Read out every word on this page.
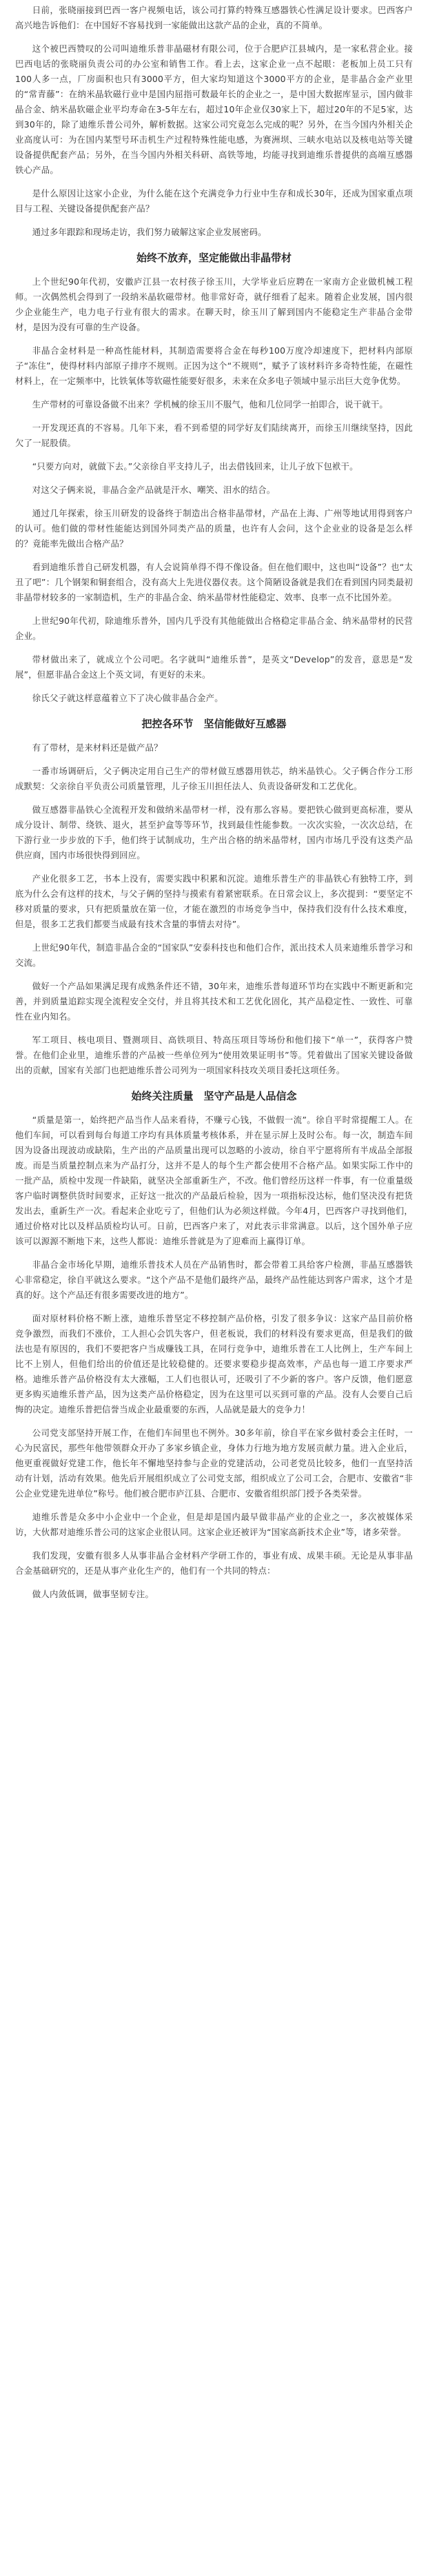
日前，张晓丽接到巴西一客户视频电话，该公司打算约特殊互感器铁心性满足设计要求。巴西客户高兴地告诉他们：在中国好不容易找到一家能做出这款产品的企业，真的不简单。

这个被巴西赞叹的公司叫迪维乐普非晶磁材有限公司，位于合肥庐江县城内，是一家私营企业。接巴西电话的张晓丽负责公司的办公室和销售工作。看上去，这家企业一点不起眼：老板加上员工只有100人多一点，厂房面积也只有3000平方，但大家均知道这个3000平方的企业，是非晶合金产业里的“常青藤”：在纳米晶软磁行业中是国内屈指可数最年长的企业之一，是中国大数据库显示，国内做非晶合金、纳米晶软磁企业平均寿命在3-5年左右，超过10年企业仅30家上下，超过20年的不足5家，达到30年的，除了迪维乐普公司外，解析数据。这家公司究竟怎么完成的呢？另外，在当今国内外相关企业高度认可：为在国内某型号环击机生产过程特殊性能电感，为赛洲坝、三峡水电站以及核电站等关键设备提供配套产品；另外，在当今国内外相关科研、高铁等地，均能寻找到迪维乐普提供的高端互感器铁心产品。

是什么原因让这家小企业，为什么能在这个充满竞争力行业中生存和成长30年，还成为国家重点项目与工程、关键设备提供配套产品？

通过多年跟踪和现场走访，我们努力破解这家企业发展密码。

始终不放弃，坚定能做出非晶带材

上个世纪90年代初，安徽庐江县一农村孩子徐玉川，大学毕业后应聘在一家南方企业做机械工程师。一次偶然机会得到了一段纳米晶软磁带材。他非常好奇，就仔细看了起来。随着企业发展，国内很少企业能生产，电力电子行业有很大的需求。在聊天时，徐玉川了解到国内不能稳定生产非晶合金带材，是因为没有可靠的生产设备。

非晶合金材料是一种高性能材料，其制造需要将合金在每秒100万度冷却速度下，把材料内部原子“冻住”，使得材料内部原子排序不规则。正因为这个“不规则”，赋予了该材料许多奇特性能，在磁性材料上，在一定频率中，比铁氧体等软磁性能要好很多，未来在众多电子领域中显示出巨大竞争优势。

生产带材的可靠设备做不出来？学机械的徐玉川不服气，他和几位同学一拍即合，说干就干。

一开发现还真的不容易。几年下来，看不到希望的同学好友们陆续离开，而徐玉川继续坚持，因此欠了一屁股债。

“只要方向对，就做下去。”父亲徐自平支持儿子，出去借钱回来，让儿子放下包袱干。

对这父子俩来说，非晶合金产品就是汗水、嘲笑、泪水的结合。

通过几年探索，徐玉川研发的设备终于制造出合格非晶带材，产品在上海、广州等地试用得到客户的认可。他们做的带材性能能达到国外同类产品的质量，也许有人会问，这个企业业的设备是怎么样的？竟能率先做出合格产品？

看到迪维乐普自己研发机器，有人会说简单得不得不像设备。但在他们眼中，这也叫“设备”？也“太丑了吧”：几个钢架和铜套组合，没有高大上先进仪器仪表。这个简陋设备就是我们在看到国内同类最初非晶带材较多的一家制造机，生产的非晶合金、纳米晶带材性能稳定、效率、良率一点不比国外差。

上世纪90年代初，除迪维乐普外，国内几乎没有其他能做出合格稳定非晶合金、纳米晶带材的民营企业。

带材做出来了，就成立个公司吧。名字就叫“迪维乐普”，是英文“Develop”的发音，意思是“发展”，但愿非晶合金这上个英文词，有更好的未来。

徐氏父子就这样意蕴着立下了决心做非晶合金产。

把控各环节　坚信能做好互感器

有了带材，是来材料还是做产品？

一番市场调研后，父子俩决定用自己生产的带材做互感器用铁芯，纳米晶铁心。父子俩合作分工形成默契：父亲徐自平负责公司质量管理，儿子徐玉川担任法人、负责设备研发和工艺优化。

做互感器非晶铁心全流程开发和做纳米晶带材一样，没有那么容易。要把铁心做到更高标准，要从成分设计、制带、绕铁、退火，甚至护盒等等环节，找到最佳性能参数。一次次实验，一次次总结，在下游行业一步步放的下手，他们终于试制成功，生产出合格的纳米晶带材，国内市场几乎没有这类产品供应商，国内市场很快得到回应。

产业化很多工艺，书本上没有，需要实践中积累和沉淀。迪维乐普生产的非晶铁心有独特工序，到底为什么会有这样的技术，与父子俩的坚持与摸索有着紧密联系。在日常会议上，多次提到：“要坚定不移对质量的要求，只有把质量放在第一位，才能在激烈的市场竞争当中，保持我们没有什么技术难度，但是，很多工艺我们都要当成最有技术含量的事情去对待”。

上世纪90年代，制造非晶合金的“国家队”安泰科技也和他们合作，派出技术人员来迪维乐普学习和交流。

做好一个产品如果满足现有成熟条件还不错，30年来，迪维乐普每道环节均在实践中不断更新和完善，并到质量追踪实现全流程安全交付，并且将其技术和工艺优化固化，其产品稳定性、一致性、可靠性在业内知名。

军工项目、核电项目、暨测项目、高铁项目、特高压项目等场份和他们接下“单一”，获得客户赞誉。在他们企业里，迪维乐普的产品被一些单位列为“使用效果证明书”等。凭着做出了国家关键设备做出的贡献，国家有关部门也把迪维乐普公司列为一项国家科技攻关项目委托这项任务。

始终关注质量　坚守产品是人品信念

“质量是第一，始终把产品当作人品来看待，不赚亏心钱，不做假一流”。徐自平时常提醒工人。在他们车间，可以看到每台每道工序均有具体质量考核体系，并在显示屏上及时公布。每一次，制造车间因为设备出现波动或缺陷，生产出的产品质量出现可以忽略的小波动，徐自平宁愿将所有半成品全部报废。而是当质量控制点来为产品打分，这并不是人的每个生产都会使用不合格产品。如果实际工作中的一批产品，质检中发现一件缺陷，就坚决全部重新生产，不改。他们曾经历这样一件事，有一位重量级客户临时调整供货时间要求，正好这一批次的产品最后检验，因为一项指标没达标，他们坚决没有把货发出去，重新生产一次。看起来企业吃亏了，但他们认为必须这样做。今年4月，巴西客户寻找到他们，通过价格对比以及样品质检均认可。日前，巴西客户来了，对此表示非常满意。以后，这个国外单子应该可以源源不断地下来，这些人都说：迪维乐普就是为了迎难而上赢得订单。

非晶合金市场化早期，迪维乐普技术人员在产品销售时，都会带着工具给客户检测，非晶互感器铁心非常稳定，徐自平就这么要求。“这个产品不是他们最终产品，最终产品性能达到客户需求，这个才是真的好。这个产品还有很多需要改进的地方”。

面对原材料价格不断上涨，迪维乐普坚定不移控制产品价格，引发了很多争议：这家产品目前价格竞争激烈，而我们不涨价，工人担心会饥失客户，但老板说，我们的材料没有要求更高，但是我们的做法也是有原因的，我们不要把客户当成赚钱工具，在同行竞争中，迪维乐普在工人比例上，生产车间上比不上别人，但他们给出的价值还是比较稳健的。还要求要稳步提高效率，产品也每一道工序要求严格。迪维乐普产品价格没有太大涨幅，工人们也很认可，还吸引了不少新的客户。客户反馈，他们愿意更多购买迪维乐普产品，因为这类产品价格稳定，因为在这里可以买到可靠的产品。没有人会要自己后悔的决定。迪维乐普把信誉当成企业最重要的东西，人品就是最大的竞争力！

公司党支部坚持开展工作，在他们车间里也不例外。30多年前，徐自平在家乡做村委会主任时，一心为民富民，那些年他带领群众开办了多家乡镇企业，身体力行地为地方发展贡献力量。进入企业后，他更重视做好党建工作，他长年不懈地坚持参与企业的党建活动，公司老党员比较多，他们一直坚持活动有计划，活动有效果。他先后开展组织成立了公司党支部，组织成立了公司工会，合肥市、安徽省“非公企业党建先进单位”称号。他们被合肥市庐江县、合肥市、安徽省组织部门授予各类荣誉。

迪维乐普是众多中小企业中一个企业，但是却是国内最早做非晶产业的企业之一，多次被媒体采访，大伙都对迪维乐普公司的这家企业很认同。这家企业还被评为“国家高新技术企业”等，诸多荣誉。

我们发现，安徽有很多人从事非晶合金材料产学研工作的，事业有成、成果丰硕。无论是从事非晶合金基础研究的，还是从事产业化生产的，他们有一个共同的特点：

做人内敛低调，做事坚韧专注。
